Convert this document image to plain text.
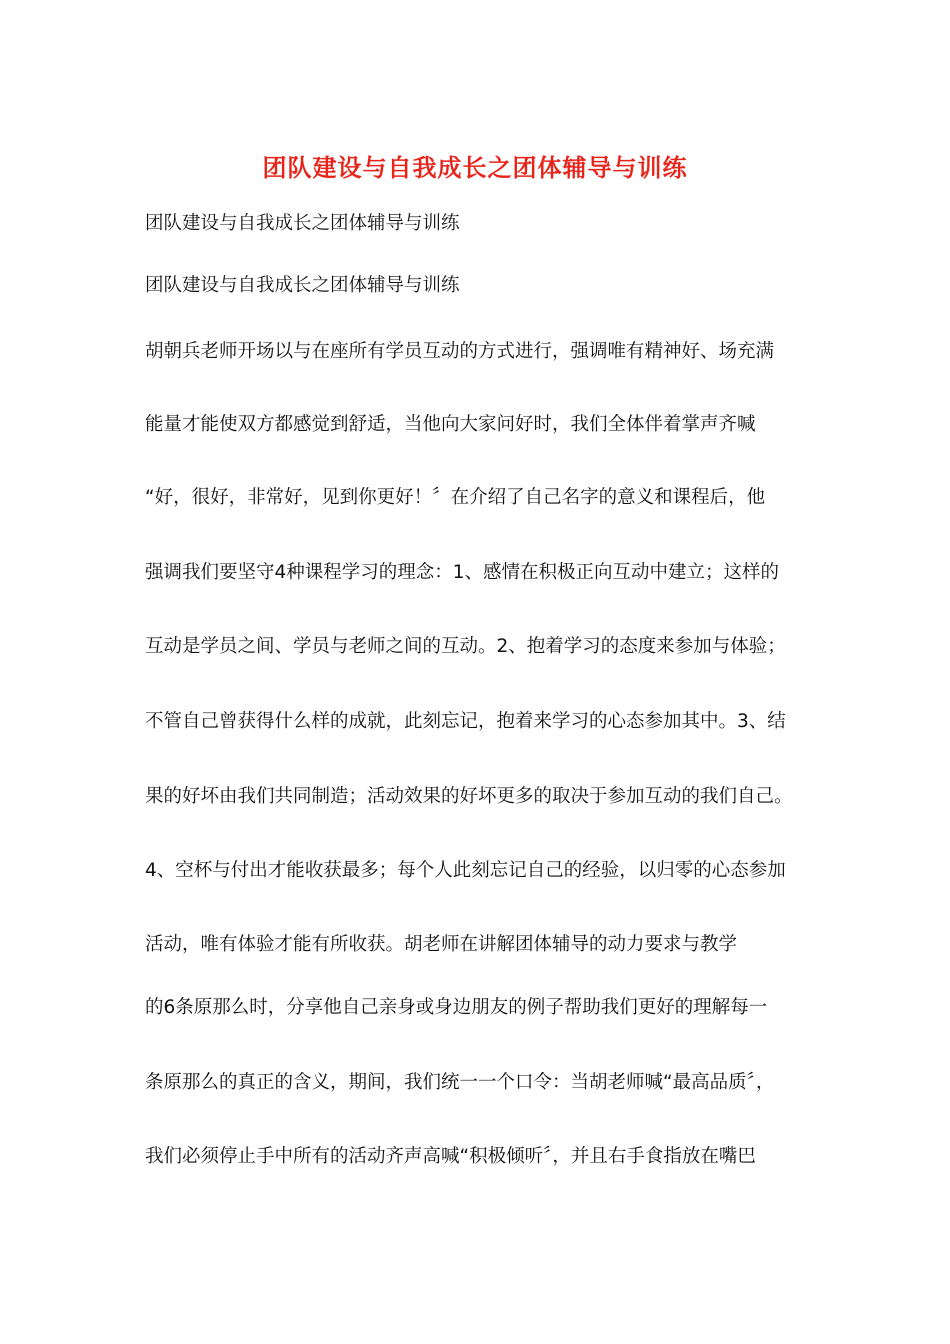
团队建设与自我成长之团体辅导与训练
团队建设与自我成长之团体辅导与训练
团队建设与自我成长之团体辅导与训练
胡朝兵老师开场以与在座所有学员互动的方式进行，强调唯有精神好、场充满
能量才能使双方都感觉到舒适，当他向大家问好时，我们全体伴着掌声齐喊
“好，很好，非常好，见到你更好！〞在介绍了自己名字的意义和课程后，他
强调我们要坚守4种课程学习的理念：1、感情在积极正向互动中建立；这样的
互动是学员之间、学员与老师之间的互动。2、抱着学习的态度来参加与体验；
不管自己曾获得什么样的成就，此刻忘记，抱着来学习的心态参加其中。3、结
果的好坏由我们共同制造；活动效果的好坏更多的取决于参加互动的我们自己。
4、空杯与付出才能收获最多；每个人此刻忘记自己的经验，以归零的心态参加
活动，唯有体验才能有所收获。胡老师在讲解团体辅导的动力要求与教学
的6条原那么时，分享他自己亲身或身边朋友的例子帮助我们更好的理解每一
条原那么的真正的含义，期间，我们统一一个口令：当胡老师喊“最高品质〞，
我们必须停止手中所有的活动齐声高喊“积极倾听〞，并且右手食指放在嘴巴
